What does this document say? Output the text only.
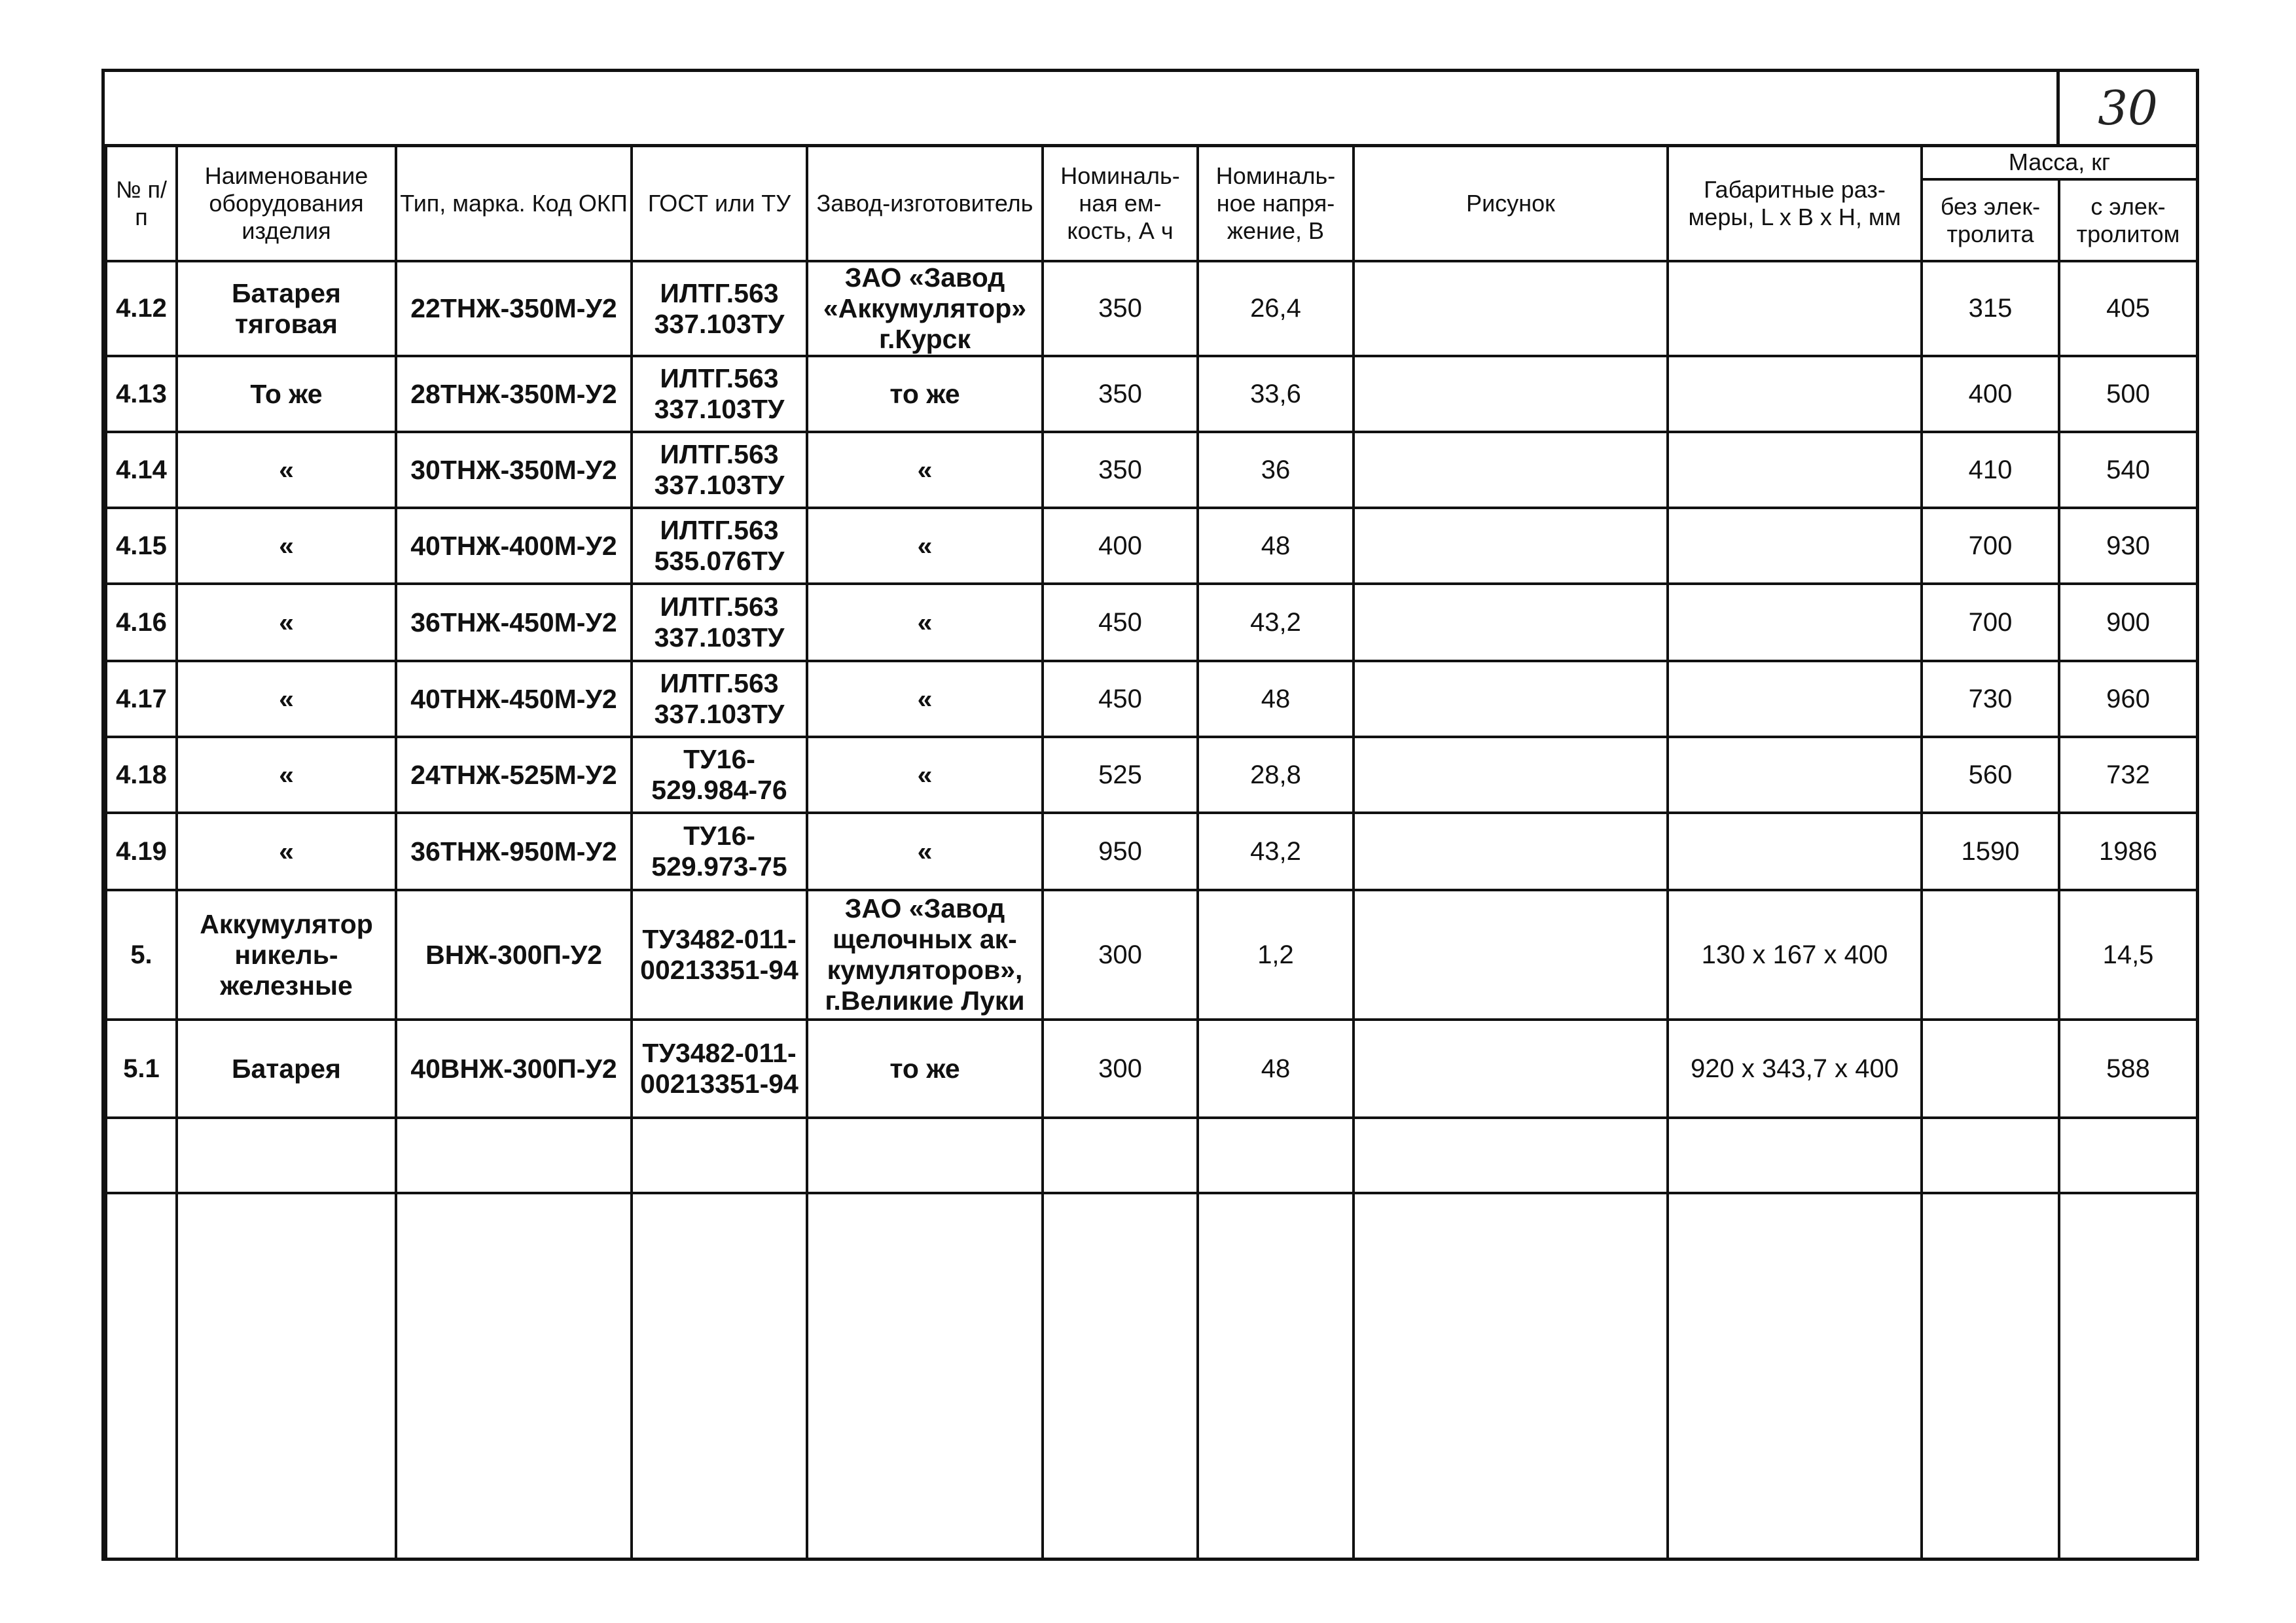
30
№ п/п	Наименование оборудования изделия	Тип, марка. Код ОКП	ГОСТ или ТУ	Завод-изготовитель	Номиналь-ная ем-кость, А ч	Номиналь-ное напря-жение, В	Рисунок	Габаритные раз-меры, L x B x H, мм	Масса, кг	
									без элек-тролита	с элек-тролитом
4.12	Батарея тяговая	22ТНЖ-350М-У2	ИЛТГ.563 337.103ТУ	ЗАО «Завод «Аккумулятор» г.Курск	350	26,4			315	405
4.13	То же	28ТНЖ-350М-У2	ИЛТГ.563 337.103ТУ	то же	350	33,6			400	500
4.14	«	30ТНЖ-350М-У2	ИЛТГ.563 337.103ТУ	«	350	36			410	540
4.15	«	40ТНЖ-400М-У2	ИЛТГ.563 535.076ТУ	«	400	48			700	930
4.16	«	36ТНЖ-450М-У2	ИЛТГ.563 337.103ТУ	«	450	43,2			700	900
4.17	«	40ТНЖ-450М-У2	ИЛТГ.563 337.103ТУ	«	450	48			730	960
4.18	«	24ТНЖ-525М-У2	ТУ16-529.984-76	«	525	28,8			560	732
4.19	«	36ТНЖ-950М-У2	ТУ16-529.973-75	«	950	43,2			1590	1986
5.	Аккумулятор никель-железные	ВНЖ-300П-У2	ТУ3482-011-00213351-94	ЗАО «Завод щелочных ак-кумуляторов», г.Великие Луки	300	1,2		130 x 167 x 400		14,5
5.1	Батарея	40ВНЖ-300П-У2	ТУ3482-011-00213351-94	то же	300	48		920 x 343,7 x 400		588
